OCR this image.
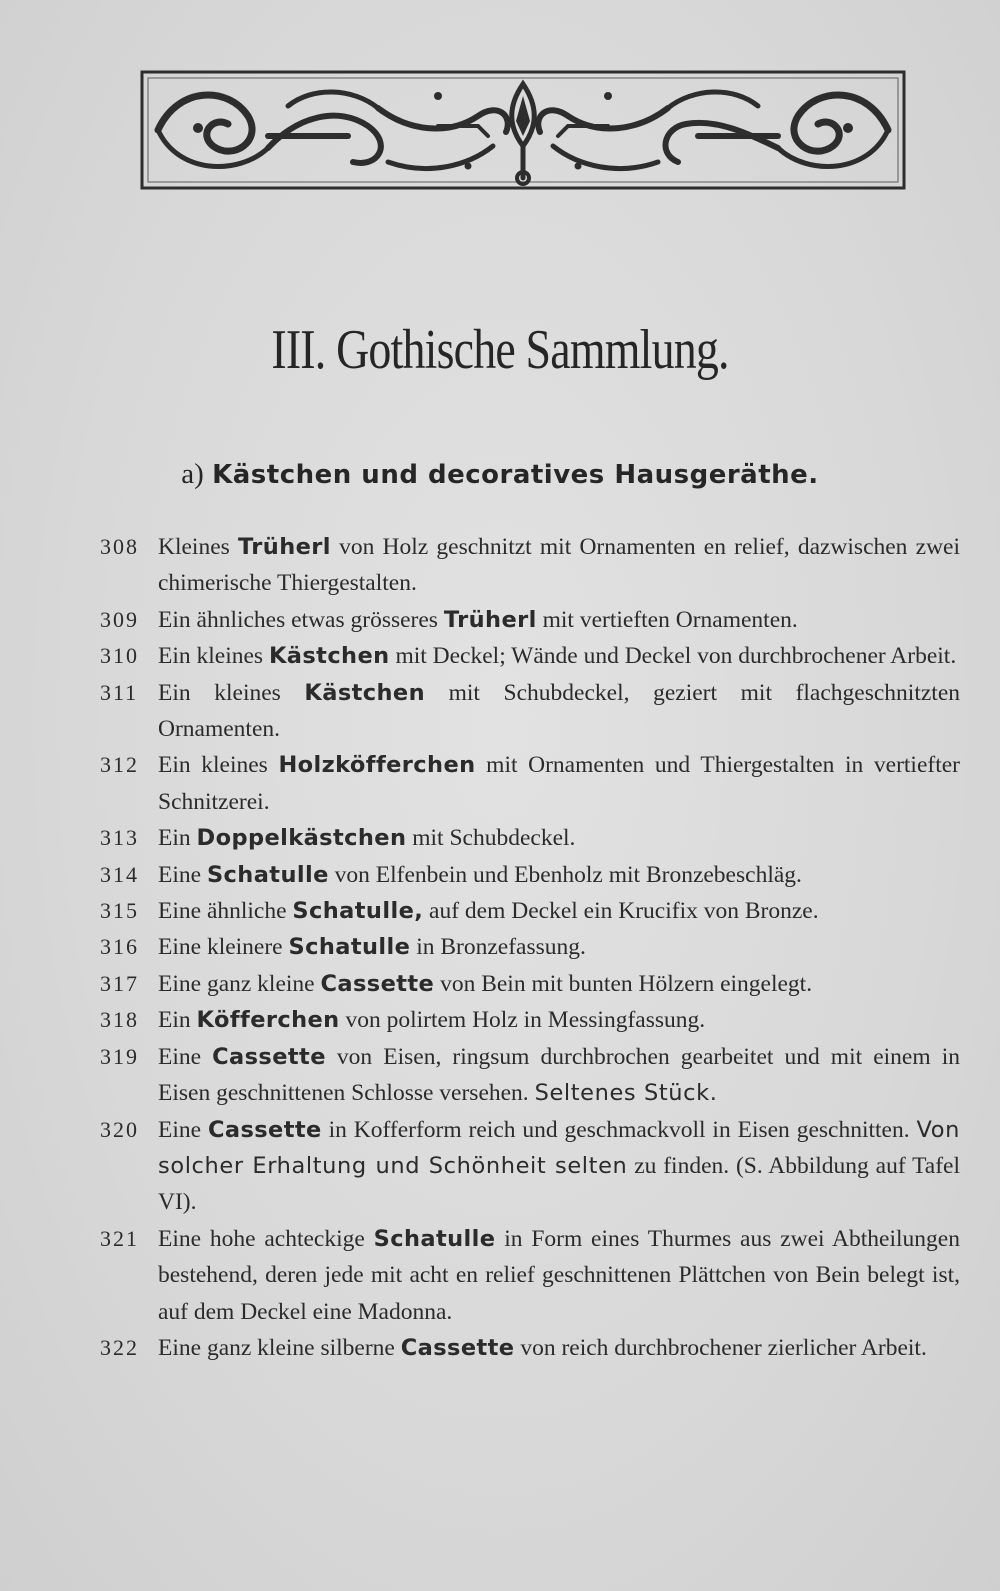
III. Gothische Sammlung.
a) Kästchen und decoratives Hausgeräthe.
308 Kleines Trüherl von Holz geschnitzt mit Ornamenten en relief, dazwischen zwei chimerische Thiergestalten.
309 Ein ähnliches etwas grösseres Trüherl mit vertieften Ornamenten.
310 Ein kleines Kästchen mit Deckel; Wände und Deckel von durchbrochener Arbeit.
311 Ein kleines Kästchen mit Schubdeckel, geziert mit flachgeschnitzten Ornamenten.
312 Ein kleines Holzköfferchen mit Ornamenten und Thiergestalten in vertiefter Schnitzerei.
313 Ein Doppelkästchen mit Schubdeckel.
314 Eine Schatulle von Elfenbein und Ebenholz mit Bronzebeschläg.
315 Eine ähnliche Schatulle, auf dem Deckel ein Krucifix von Bronze.
316 Eine kleinere Schatulle in Bronzefassung.
317 Eine ganz kleine Cassette von Bein mit bunten Hölzern eingelegt.
318 Ein Köfferchen von polirtem Holz in Messingfassung.
319 Eine Cassette von Eisen, ringsum durchbrochen gearbeitet und mit einem in Eisen geschnittenen Schlosse versehen. Seltenes Stück.
320 Eine Cassette in Kofferform reich und geschmackvoll in Eisen geschnitten. Von solcher Erhaltung und Schönheit selten zu finden. (S. Abbildung auf Tafel VI).
321 Eine hohe achteckige Schatulle in Form eines Thurmes aus zwei Abtheilungen bestehend, deren jede mit acht en relief geschnittenen Plättchen von Bein belegt ist, auf dem Deckel eine Madonna.
322 Eine ganz kleine silberne Cassette von reich durchbrochener zierlicher Arbeit.
